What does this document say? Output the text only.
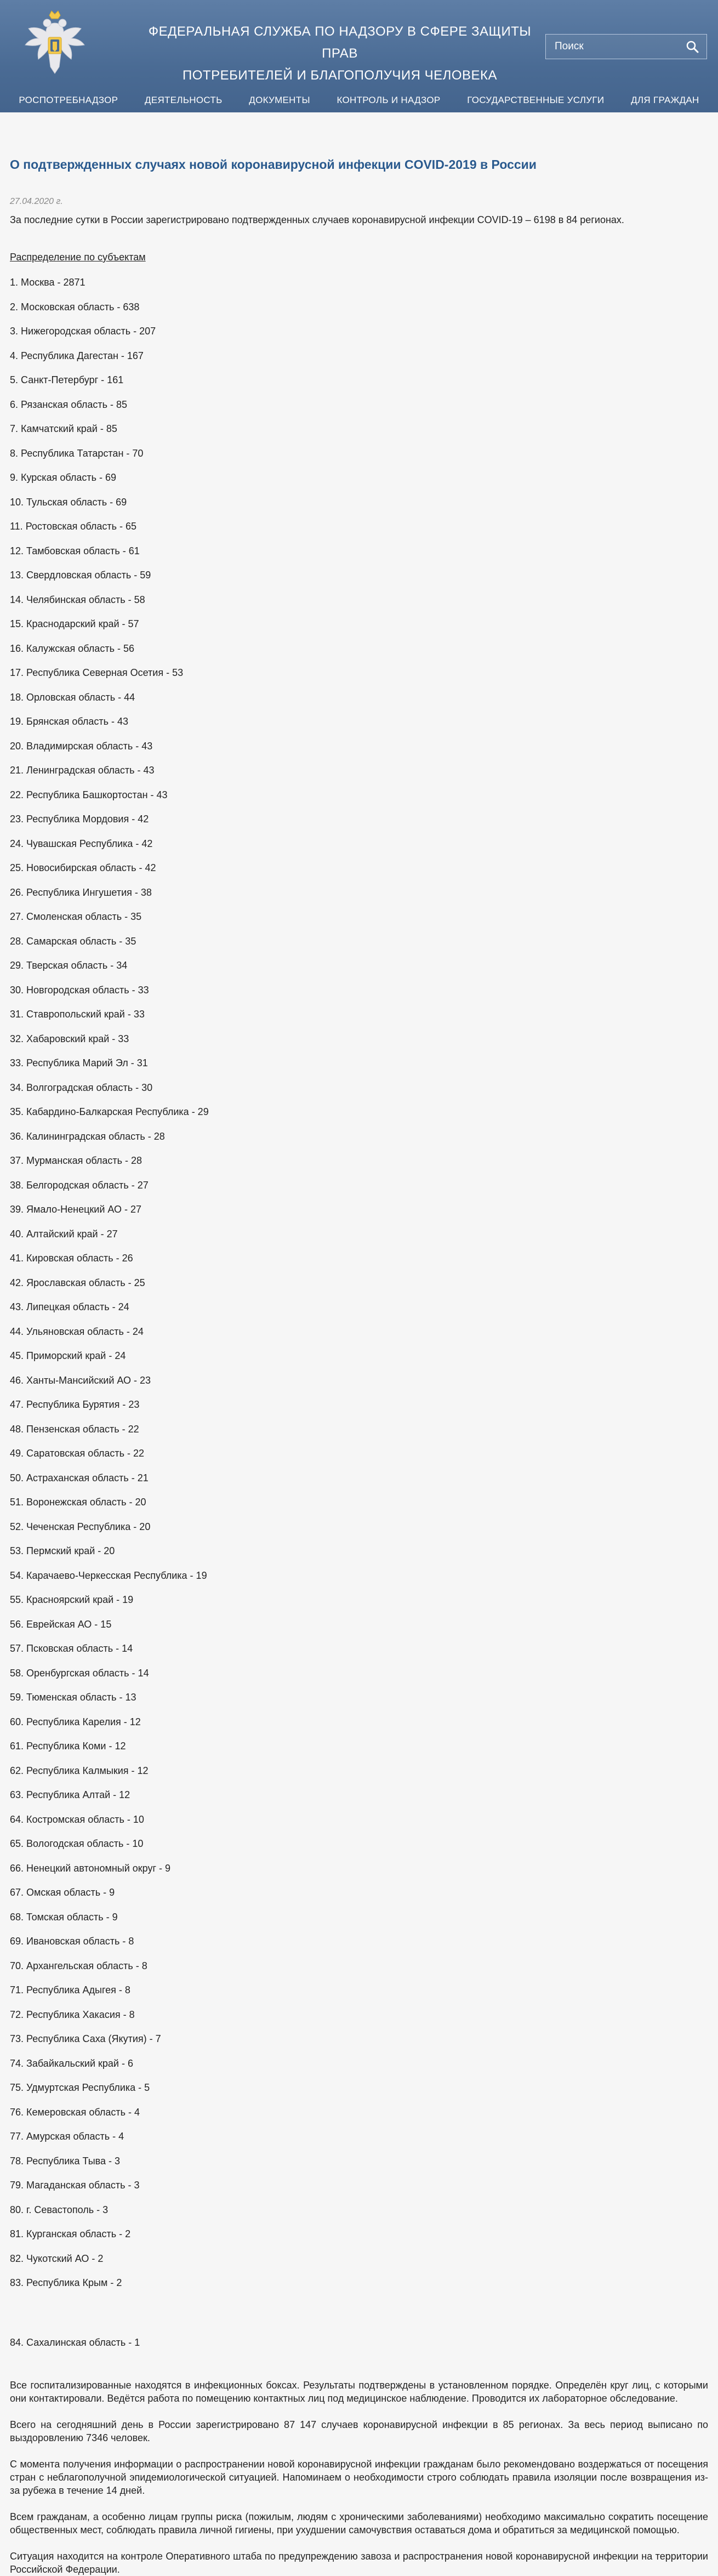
ФЕДЕРАЛЬНАЯ СЛУЖБА ПО НАДЗОРУ В СФЕРЕ ЗАЩИТЫ ПРАВ
ПОТРЕБИТЕЛЕЙ И БЛАГОПОЛУЧИЯ ЧЕЛОВЕКА
Поиск
РОСПОТРЕБНАДЗОР	ДЕЯТЕЛЬНОСТЬ	ДОКУМЕНТЫ	КОНТРОЛЬ И НАДЗОР	ГОСУДАРСТВЕННЫЕ УСЛУГИ	ДЛЯ ГРАЖДАН
О подтвержденных случаях новой коронавирусной инфекции COVID-2019 в России
27.04.2020 г.
За последние сутки в России зарегистрировано подтвержденных случаев коронавирусной инфекции COVID-19 – 6198 в 84 регионах.
Распределение по субъектам
1. Москва - 2871
2. Московская область - 638
3. Нижегородская область - 207
4. Республика Дагестан - 167
5. Санкт-Петербург - 161
6. Рязанская область - 85
7. Камчатский край - 85
8. Республика Татарстан - 70
9. Курская область - 69
10. Тульская область - 69
11. Ростовская область - 65
12. Тамбовская область - 61
13. Свердловская область - 59
14. Челябинская область - 58
15. Краснодарский край - 57
16. Калужская область - 56
17. Республика Северная Осетия - 53
18. Орловская область - 44
19. Брянская область - 43
20. Владимирская область - 43
21. Ленинградская область - 43
22. Республика Башкортостан - 43
23. Республика Мордовия - 42
24. Чувашская Республика - 42
25. Новосибирская область - 42
26. Республика Ингушетия - 38
27. Смоленская область - 35
28. Самарская область - 35
29. Тверская область - 34
30. Новгородская область - 33
31. Ставропольский край - 33
32. Хабаровский край - 33
33. Республика Марий Эл - 31
34. Волгоградская область - 30
35. Кабардино-Балкарская Республика - 29
36. Калининградская область - 28
37. Мурманская область - 28
38. Белгородская область - 27
39. Ямало-Ненецкий АО - 27
40. Алтайский край - 27
41. Кировская область - 26
42. Ярославская область - 25
43. Липецкая область - 24
44. Ульяновская область - 24
45. Приморский край - 24
46. Ханты-Мансийский АО - 23
47. Республика Бурятия - 23
48. Пензенская область - 22
49. Саратовская область - 22
50. Астраханская область - 21
51. Воронежская область - 20
52. Чеченская Республика - 20
53. Пермский край - 20
54. Карачаево-Черкесская Республика - 19
55. Красноярский край - 19
56. Еврейская АО - 15
57. Псковская область - 14
58. Оренбургская область - 14
59. Тюменская область - 13
60. Республика Карелия - 12
61. Республика Коми - 12
62. Республика Калмыкия - 12
63. Республика Алтай - 12
64. Костромская область - 10
65. Вологодская область - 10
66. Ненецкий автономный округ - 9
67. Омская область - 9
68. Томская область - 9
69. Ивановская область - 8
70. Архангельская область - 8
71. Республика Адыгея - 8
72. Республика Хакасия - 8
73. Республика Саха (Якутия) - 7
74. Забайкальский край - 6
75. Удмуртская Республика - 5
76. Кемеровская область - 4
77. Амурская область - 4
78. Республика Тыва - 3
79. Магаданская область - 3
80. г. Севастополь - 3
81. Курганская область - 2
82. Чукотский АО - 2
83. Республика Крым - 2
84. Сахалинская область - 1

Все госпитализированные находятся в инфекционных боксах. Результаты подтверждены в установленном порядке. Определён круг лиц, с которыми они контактировали. Ведётся работа по помещению контактных лиц под медицинское наблюдение. Проводится их лабораторное обследование.

Всего на сегодняшний день в России зарегистрировано 87 147 случаев коронавирусной инфекции в 85 регионах. За весь период выписано по выздоровлению 7346 человек.

С момента получения информации о распространении новой коронавирусной инфекции гражданам было рекомендовано воздержаться от посещения стран с неблагополучной эпидемиологической ситуацией. Напоминаем о необходимости строго соблюдать правила изоляции после возвращения из-за рубежа в течение 14 дней.

Всем гражданам, а особенно лицам группы риска (пожилым, людям с хроническими заболеваниями) необходимо максимально сократить посещение общественных мест, соблюдать правила личной гигиены, при ухудшении самочувствия оставаться дома и обратиться за медицинской помощью.

Ситуация находится на контроле Оперативного штаба по предупреждению завоза и распространения новой коронавирусной инфекции на территории Российской Федерации.
